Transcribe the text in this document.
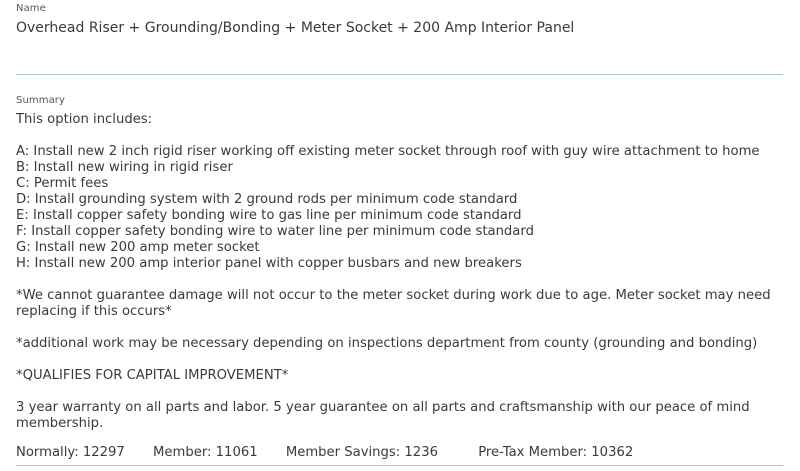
Name
Overhead Riser + Grounding/Bonding + Meter Socket + 200 Amp Interior Panel
Summary

This option includes:

A: Install new 2 inch rigid riser working off existing meter socket through roof with guy wire attachment to home

B: Install new wiring in rigid riser

C: Permit fees

D: Install grounding system with 2 ground rods per minimum code standard

E: Install copper safety bonding wire to gas line per minimum code standard

F: Install copper safety bonding wire to water line per minimum code standard

G: Install new 200 amp meter socket

H: Install new 200 amp interior panel with copper busbars and new breakers

*We cannot guarantee damage will not occur to the meter socket during work due to age. Meter socket may need replacing if this occurs*

*additional work may be necessary depending on inspections department from county (grounding and bonding)

*QUALIFIES FOR CAPITAL IMPROVEMENT*

3 year warranty on all parts and labor. 5 year guarantee on all parts and craftsmanship with our peace of mind membership.

Normally: 12297 Member: 11061 Member Savings: 1236	Pre-Tax Member: 10362
